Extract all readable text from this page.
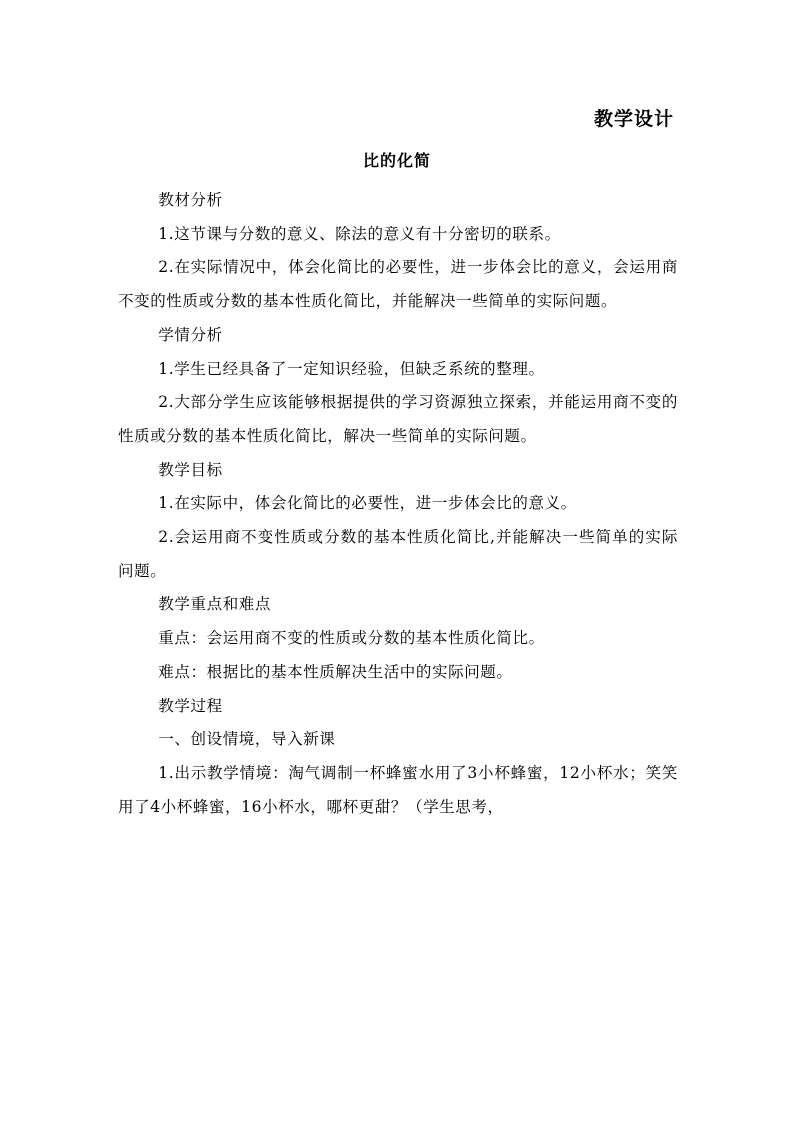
教学设计
比的化简

教材分析

1.这节课与分数的意义、除法的意义有十分密切的联系。

2.在实际情况中，体会化简比的必要性，进一步体会比的意义，会运用商不变的性质或分数的基本性质化简比，并能解决一些简单的实际问题。

学情分析

1.学生已经具备了一定知识经验，但缺乏系统的整理。

2.大部分学生应该能够根据提供的学习资源独立探索，并能运用商不变的性质或分数的基本性质化简比，解决一些简单的实际问题。

教学目标

1.在实际中，体会化简比的必要性，进一步体会比的意义。

2.会运用商不变性质或分数的基本性质化简比,并能解决一些简单的实际问题。

教学重点和难点

重点：会运用商不变的性质或分数的基本性质化简比。

难点：根据比的基本性质解决生活中的实际问题。

教学过程

一、创设情境，导入新课

1.出示教学情境：淘气调制一杯蜂蜜水用了3小杯蜂蜜，12小杯水；笑笑用了4小杯蜂蜜，16小杯水，哪杯更甜？（学生思考，
